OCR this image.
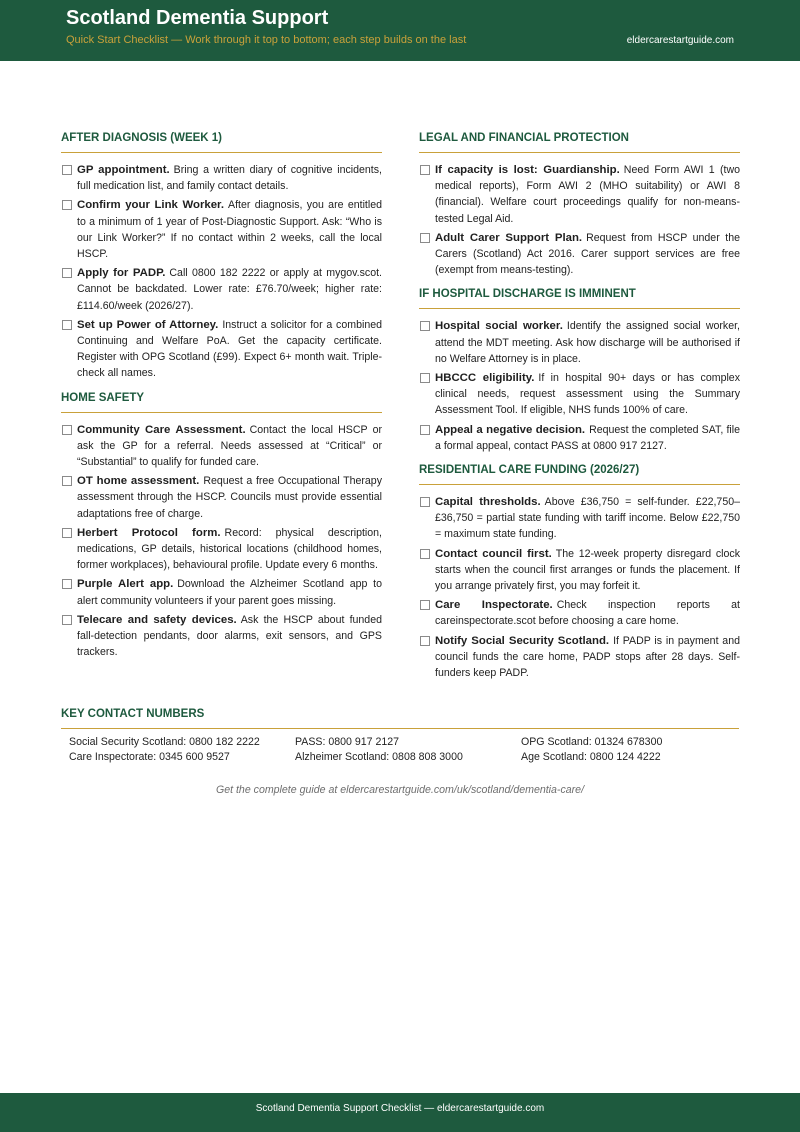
Scotland Dementia Support
Quick Start Checklist — Work through it top to bottom; each step builds on the last	eldercarestartguide.com
AFTER DIAGNOSIS (WEEK 1)
GP appointment. Bring a written diary of cognitive incidents, full medication list, and family contact details.
Confirm your Link Worker. After diagnosis, you are entitled to a minimum of 1 year of Post-Diagnostic Support. Ask: “Who is our Link Worker?” If no contact within 2 weeks, call the local HSCP.
Apply for PADP. Call 0800 182 2222 or apply at mygov.scot. Cannot be backdated. Lower rate: £76.70/week; higher rate: £114.60/week (2026/27).
Set up Power of Attorney. Instruct a solicitor for a combined Continuing and Welfare PoA. Get the capacity certificate. Register with OPG Scotland (£99). Expect 6+ month wait. Triple-check all names.
HOME SAFETY
Community Care Assessment. Contact the local HSCP or ask the GP for a referral. Needs assessed at “Critical” or “Substantial” to qualify for funded care.
OT home assessment. Request a free Occupational Therapy assessment through the HSCP. Councils must provide essential adaptations free of charge.
Herbert Protocol form. Record: physical description, medications, GP details, historical locations (childhood homes, former workplaces), behavioural profile. Update every 6 months.
Purple Alert app. Download the Alzheimer Scotland app to alert community volunteers if your parent goes missing.
Telecare and safety devices. Ask the HSCP about funded fall-detection pendants, door alarms, exit sensors, and GPS trackers.
LEGAL AND FINANCIAL PROTECTION
If capacity is lost: Guardianship. Need Form AWI 1 (two medical reports), Form AWI 2 (MHO suitability) or AWI 8 (financial). Welfare court proceedings qualify for non-means-tested Legal Aid.
Adult Carer Support Plan. Request from HSCP under the Carers (Scotland) Act 2016. Carer support services are free (exempt from means-testing).
IF HOSPITAL DISCHARGE IS IMMINENT
Hospital social worker. Identify the assigned social worker, attend the MDT meeting. Ask how discharge will be authorised if no Welfare Attorney is in place.
HBCCC eligibility. If in hospital 90+ days or has complex clinical needs, request assessment using the Summary Assessment Tool. If eligible, NHS funds 100% of care.
Appeal a negative decision. Request the completed SAT, file a formal appeal, contact PASS at 0800 917 2127.
RESIDENTIAL CARE FUNDING (2026/27)
Capital thresholds. Above £36,750 = self-funder. £22,750–£36,750 = partial state funding with tariff income. Below £22,750 = maximum state funding.
Contact council first. The 12-week property disregard clock starts when the council first arranges or funds the placement. If you arrange privately first, you may forfeit it.
Care Inspectorate. Check inspection reports at careinspectorate.scot before choosing a care home.
Notify Social Security Scotland. If PADP is in payment and council funds the care home, PADP stops after 28 days. Self-funders keep PADP.
KEY CONTACT NUMBERS
Social Security Scotland: 0800 182 2222	PASS: 0800 917 2127	OPG Scotland: 01324 678300
Care Inspectorate: 0345 600 9527	Alzheimer Scotland: 0808 808 3000	Age Scotland: 0800 124 4222
Get the complete guide at eldercarestartguide.com/uk/scotland/dementia-care/
Scotland Dementia Support Checklist — eldercarestartguide.com
